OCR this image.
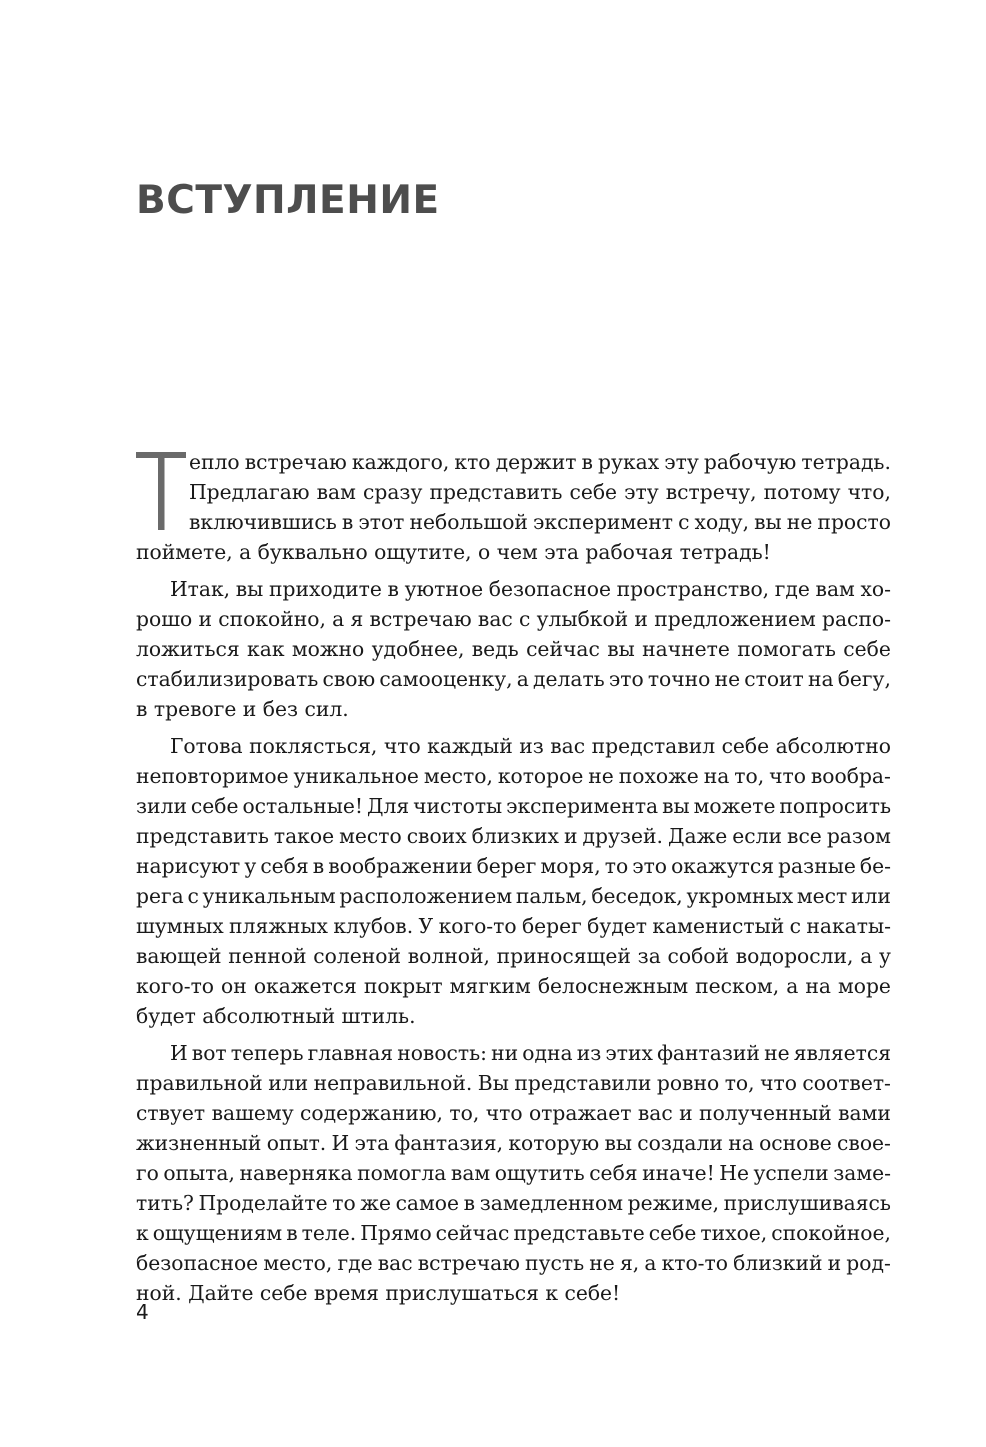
ВСТУПЛЕНИЕ
еплo встречаю каждого, кто держит в руках эту рабочую тетрадь.
Предлагаю вам сразу представить себе эту встречу, потому что,
включившись в этот небольшой эксперимент с ходу, вы не просто
поймете, а буквально ощутите, о чем эта рабочая тетрадь!
Итак, вы приходите в уютное безопасное пространство, где вам хо-
рошо и спокойно, а я встречаю вас с улыбкой и предложением распо-
ложиться как можно удобнее, ведь сейчас вы начнете помогать себе
стабилизировать свою самооценку, а делать это точно не стоит на бегу,
в тревоге и без сил.
Готова поклясться, что каждый из вас представил себе абсолютно
неповторимое уникальное место, которое не похоже на то, что вообра-
зили себе остальные! Для чистоты эксперимента вы можете попросить
представить такое место своих близких и друзей. Даже если все разом
нарисуют у себя в воображении берег моря, то это окажутся разные бе-
рега с уникальным расположением пальм, беседок, укромных мест или
шумных пляжных клубов. У кого-то берег будет каменистый с накаты-
вающей пенной соленой волной, приносящей за собой водоросли, а у
кого-то он окажется покрыт мягким белоснежным песком, а на море
будет абсолютный штиль.
И вот теперь главная новость: ни одна из этих фантазий не является
правильной или неправильной. Вы представили ровно то, что соответ-
ствует вашему содержанию, то, что отражает вас и полученный вами
жизненный опыт. И эта фантазия, которую вы создали на основе свое-
го опыта, наверняка помогла вам ощутить себя иначе! Не успели заме-
тить? Проделайте то же самое в замедленном режиме, прислушиваясь
к ощущениям в теле. Прямо сейчас представьте себе тихое, спокойное,
безопасное место, где вас встречаю пусть не я, а кто-то близкий и род-
ной. Дайте себе время прислушаться к себе!
4
